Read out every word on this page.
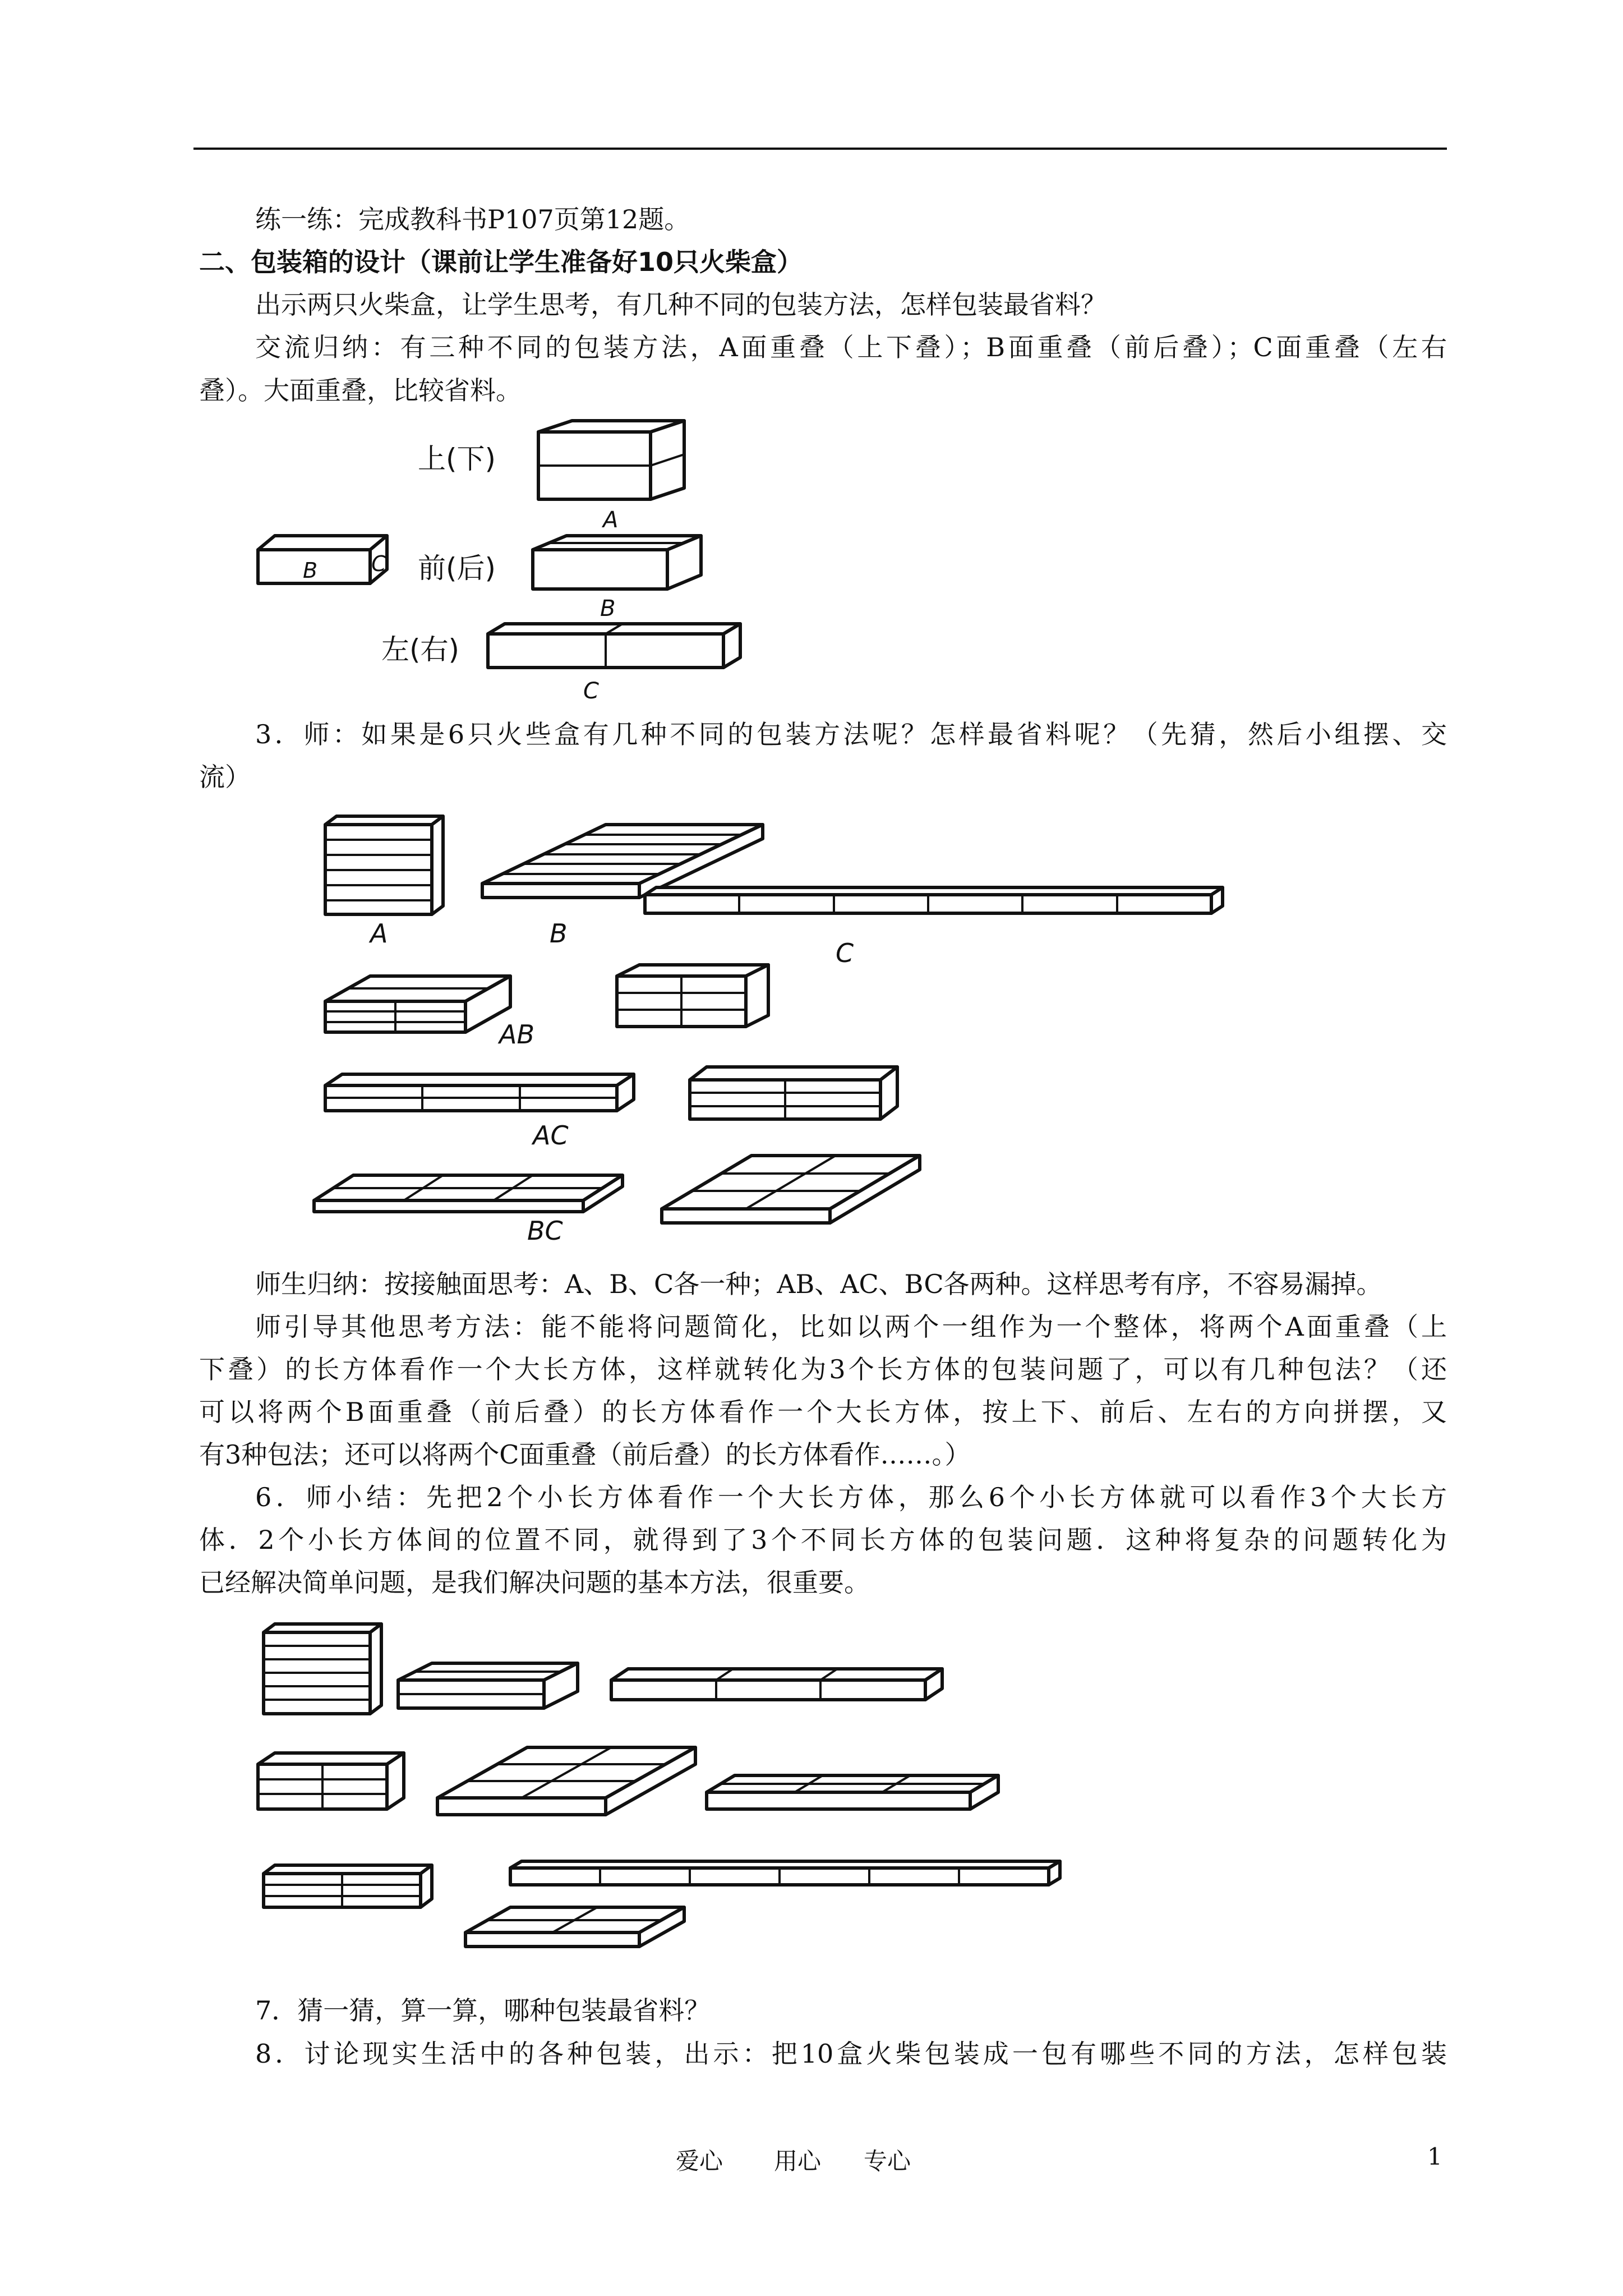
练一练：完成教科书P107页第12题。

二、包装箱的设计（课前让学生准备好10只火柴盒）

出示两只火柴盒，让学生思考，有几种不同的包装方法，怎样包装最省料？

交流归纳：有三种不同的包装方法，A面重叠（上下叠）；B面重叠（前后叠）；C面重叠（左右

叠）。大面重叠，比较省料。

B	C
上(下)
A
前(后)
B
左(右)
C

3．师：如果是6只火些盒有几种不同的包装方法呢？怎样最省料呢？（先猜，然后小组摆、交

流）

A	B
C
AB
AC
BC

师生归纳：按接触面思考：A、B、C各一种；AB、AC、BC各两种。这样思考有序，不容易漏掉。

师引导其他思考方法：能不能将问题简化，比如以两个一组作为一个整体，将两个A面重叠（上

下叠）的长方体看作一个大长方体，这样就转化为3个长方体的包装问题了，可以有几种包法？（还

可以将两个B面重叠（前后叠）的长方体看作一个大长方体，按上下、前后、左右的方向拼摆，又

有3种包法；还可以将两个C面重叠（前后叠）的长方体看作……。）

6．师小结：先把2个小长方体看作一个大长方体，那么6个小长方体就可以看作3个大长方

体．2个小长方体间的位置不同，就得到了3个不同长方体的包装问题．这种将复杂的问题转化为

已经解决简单问题，是我们解决问题的基本方法，很重要。

7．猜一猜，算一算，哪种包装最省料？

8．讨论现实生活中的各种包装，出示：把10盒火柴包装成一包有哪些不同的方法，怎样包装

爱心 用心 专心	1
